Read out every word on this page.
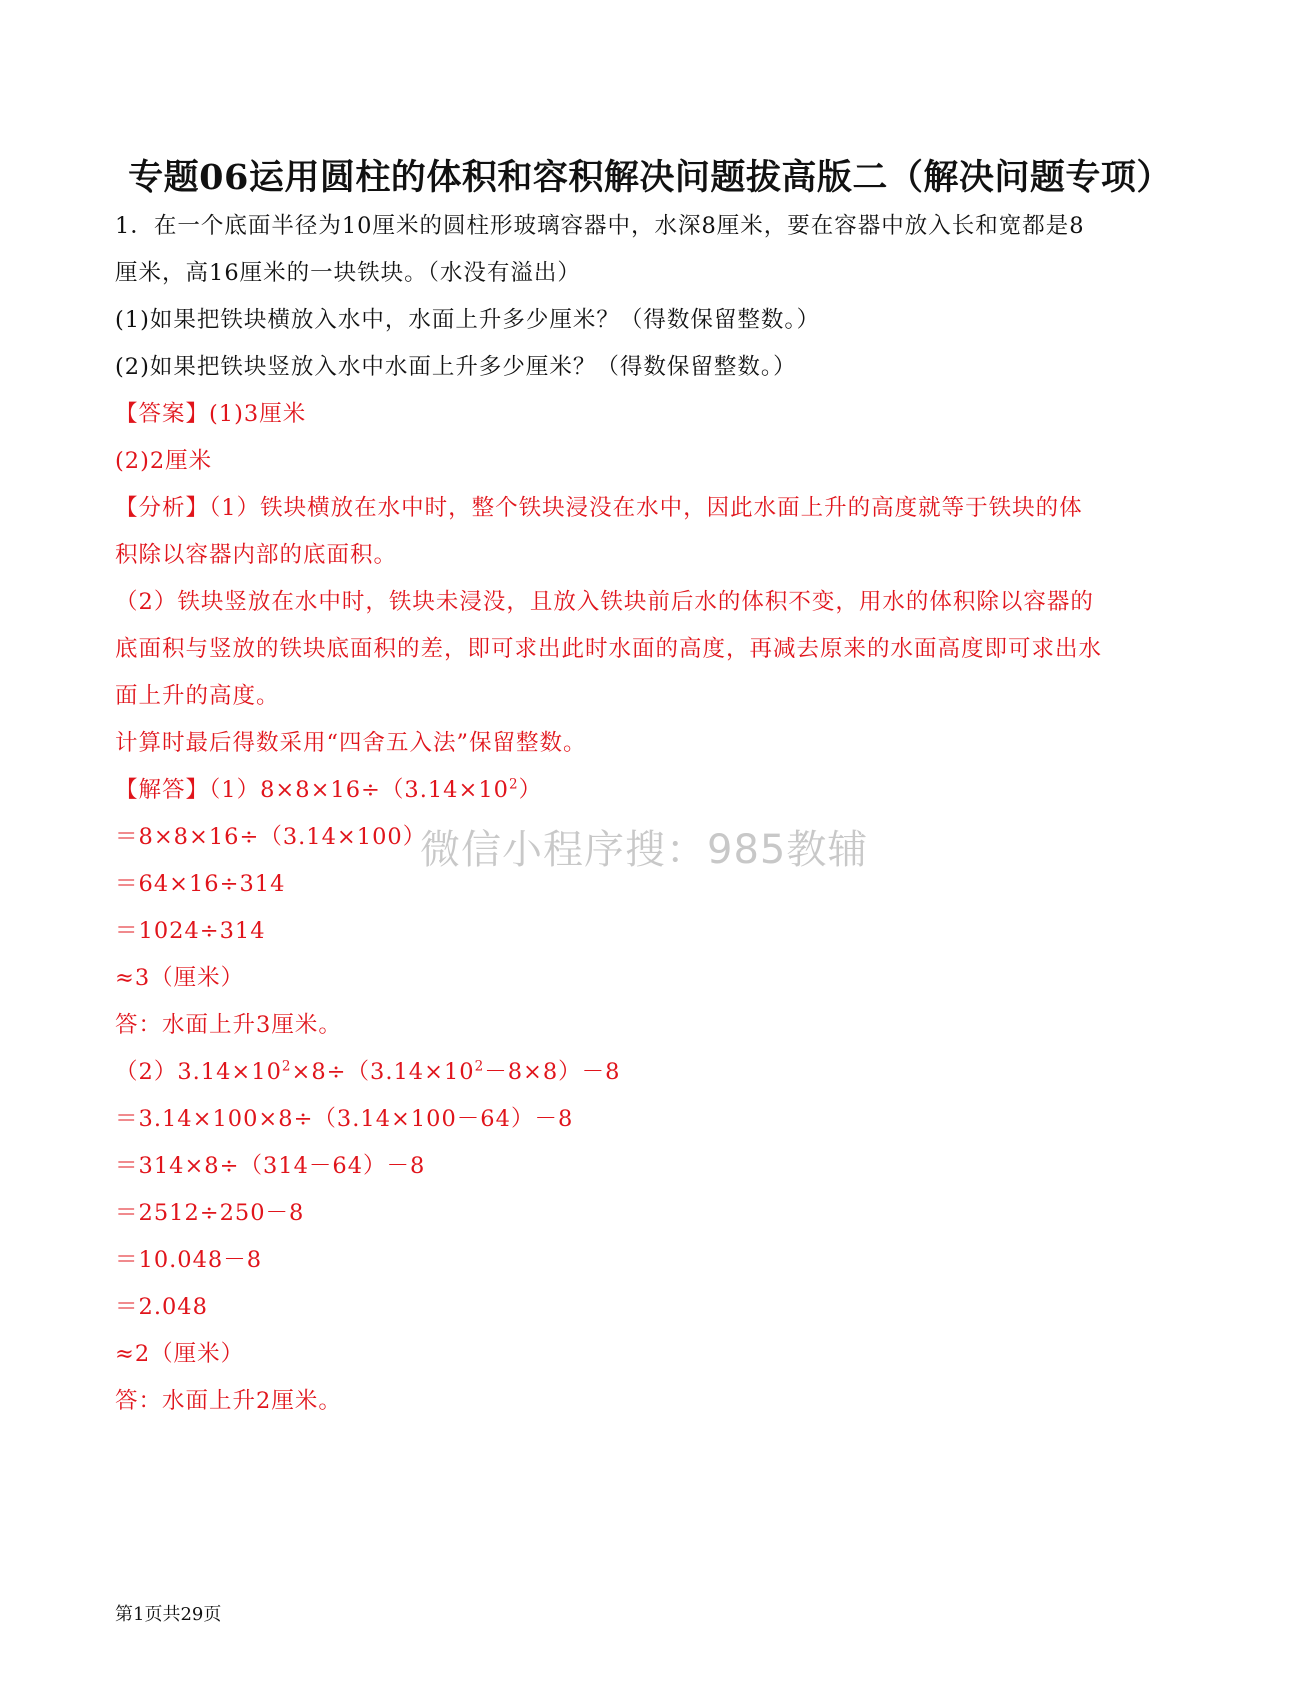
专题06运用圆柱的体积和容积解决问题拔高版二（解决问题专项）
1．在一个底面半径为10厘米的圆柱形玻璃容器中，水深8厘米，要在容器中放入长和宽都是8
厘米，高16厘米的一块铁块。（水没有溢出）
(1)如果把铁块横放入水中，水面上升多少厘米？（得数保留整数。）
(2)如果把铁块竖放入水中水面上升多少厘米？（得数保留整数。）
【答案】(1)3厘米
(2)2厘米
【分析】（1）铁块横放在水中时，整个铁块浸没在水中，因此水面上升的高度就等于铁块的体
积除以容器内部的底面积。
（2）铁块竖放在水中时，铁块未浸没，且放入铁块前后水的体积不变，用水的体积除以容器的
底面积与竖放的铁块底面积的差，即可求出此时水面的高度，再减去原来的水面高度即可求出水
面上升的高度。
计算时最后得数采用“四舍五入法”保留整数。
【解答】$(1)8\times 8\times 16\div(3.14\times 10^2)$
＝8×8×16÷（3.14×100）
＝64×16÷314
＝1024÷314
≈3（厘米）
答：水面上升3厘米。
$(2)3.14\times 10^2\times 8\div(3.14\times 10^2-8\times 8)-8$
＝3.14×100×8÷（3.14×100－64）－8
＝314×8÷（314－64）－8
＝2512÷250－8
＝10.048－8
＝2.048
≈2（厘米）
答：水面上升2厘米。
微信小程序搜：985教辅
第1页共29页
